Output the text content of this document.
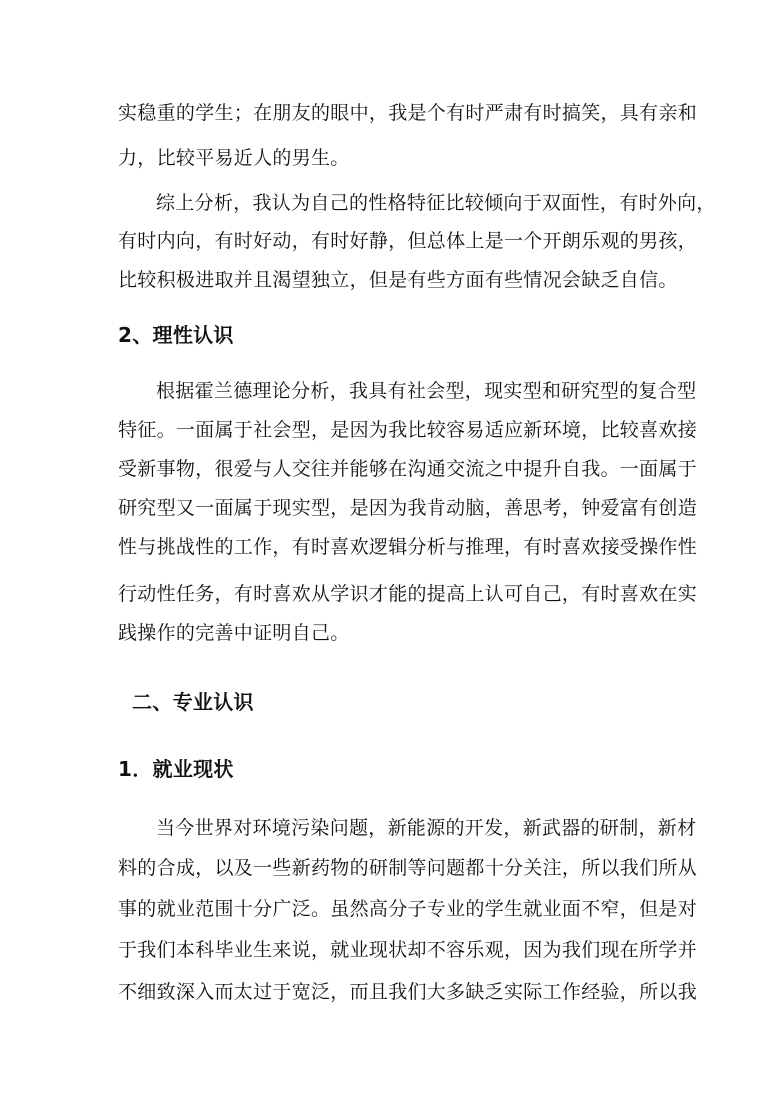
实稳重的学生；在朋友的眼中，我是个有时严肃有时搞笑，具有亲和
力，比较平易近人的男生。
综上分析，我认为自己的性格特征比较倾向于双面性，有时外向，
有时内向，有时好动，有时好静，但总体上是一个开朗乐观的男孩，
比较积极进取并且渴望独立，但是有些方面有些情况会缺乏自信。
2、理性认识
根据霍兰德理论分析，我具有社会型，现实型和研究型的复合型
特征。一面属于社会型，是因为我比较容易适应新环境，比较喜欢接
受新事物，很爱与人交往并能够在沟通交流之中提升自我。一面属于
研究型又一面属于现实型，是因为我肯动脑，善思考，钟爱富有创造
性与挑战性的工作，有时喜欢逻辑分析与推理，有时喜欢接受操作性
行动性任务，有时喜欢从学识才能的提高上认可自己，有时喜欢在实
践操作的完善中证明自己。
二、专业认识
1．就业现状
当今世界对环境污染问题，新能源的开发，新武器的研制，新材
料的合成，以及一些新药物的研制等问题都十分关注，所以我们所从
事的就业范围十分广泛。虽然高分子专业的学生就业面不窄，但是对
于我们本科毕业生来说，就业现状却不容乐观，因为我们现在所学并
不细致深入而太过于宽泛，而且我们大多缺乏实际工作经验，所以我
